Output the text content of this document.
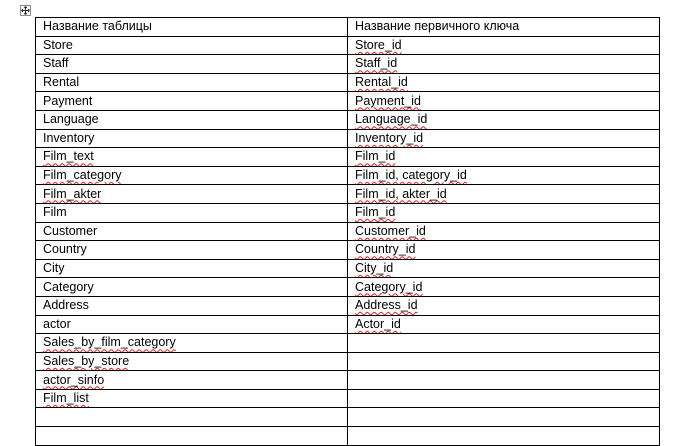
Название таблицы	Название первичного ключа
Store	Store_id
Staff	Staff_id
Rental	Rental_id
Payment	Payment_id
Language	Language_id
Inventory	Inventory_id
Film_text	Film_id
Film_category	Film_id, category_id
Film_akter	Film_id, akter_id
Film	Film_id
Customer	Customer_id
Country	Country_id
City	City_id
Category	Category_id
Address	Address_id
actor	Actor_id
Sales_by_film_category	
Sales_by_store	
actor_sinfo	
Film_list	
